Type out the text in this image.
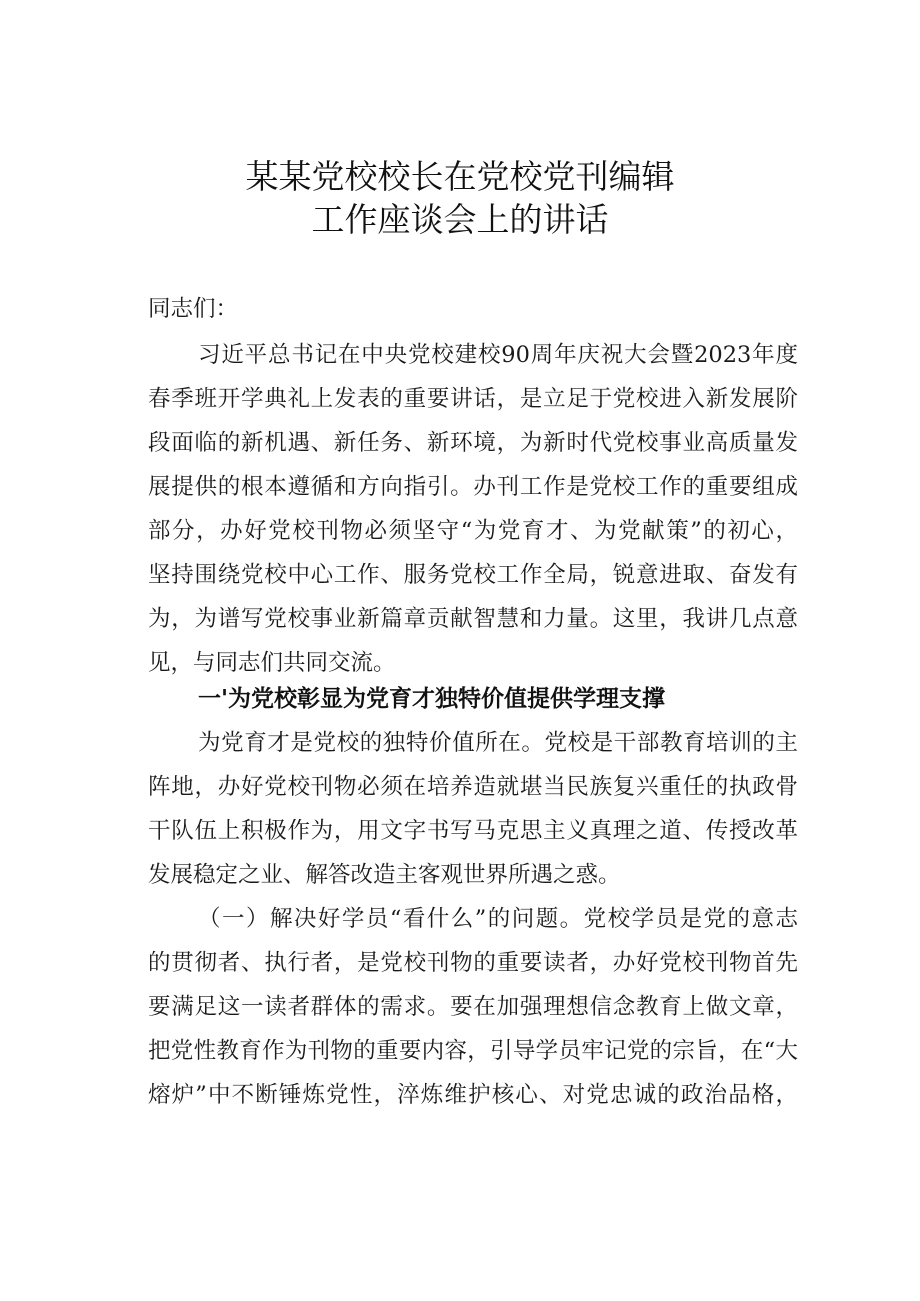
某某党校校长在党校党刊编辑
工作座谈会上的讲话
同志们：
习近平总书记在中央党校建校90周年庆祝大会暨2023年度
春季班开学典礼上发表的重要讲话，是立足于党校进入新发展阶
段面临的新机遇、新任务、新环境，为新时代党校事业高质量发
展提供的根本遵循和方向指引。办刊工作是党校工作的重要组成
部分，办好党校刊物必须坚守“为党育才、为党献策”的初心，
坚持围绕党校中心工作、服务党校工作全局，锐意进取、奋发有
为，为谱写党校事业新篇章贡献智慧和力量。这里，我讲几点意
见，与同志们共同交流。
一'为党校彰显为党育才独特价值提供学理支撑
为党育才是党校的独特价值所在。党校是干部教育培训的主
阵地，办好党校刊物必须在培养造就堪当民族复兴重任的执政骨
干队伍上积极作为，用文字书写马克思主义真理之道、传授改革
发展稳定之业、解答改造主客观世界所遇之惑。
（一）解决好学员“看什么”的问题。党校学员是党的意志
的贯彻者、执行者，是党校刊物的重要读者，办好党校刊物首先
要满足这一读者群体的需求。要在加强理想信念教育上做文章，
把党性教育作为刊物的重要内容，引导学员牢记党的宗旨，在“大
熔炉”中不断锤炼党性，淬炼维护核心、对党忠诚的政治品格，
